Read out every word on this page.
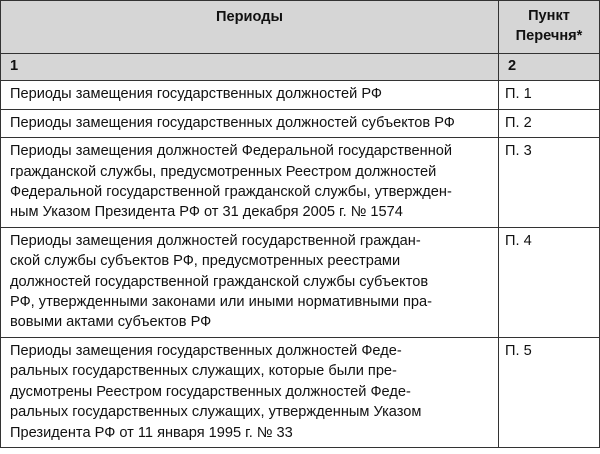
Периоды	Пункт
Перечня*

1	2

Периоды замещения государственных должностей РФ	П. 1

Периоды замещения государственных должностей субъектов РФ	П. 2

Периоды замещения должностей Федеральной государственной
гражданской службы, предусмотренных Реестром должностей
Федеральной государственной гражданской службы, утвержден-
ным Указом Президента РФ от 31 декабря 2005 г. № 1574	П. 3

Периоды замещения должностей государственной граждан-
ской службы субъектов РФ, предусмотренных реестрами
должностей государственной гражданской службы субъектов
РФ, утвержденными законами или иными нормативными пра-
вовыми актами субъектов РФ	П. 4

Периоды замещения государственных должностей Феде-
ральных государственных служащих, которые были пре-
дусмотрены Реестром государственных должностей Феде-
ральных государственных служащих, утвержденным Указом
Президента РФ от 11 января 1995 г. № 33	П. 5
